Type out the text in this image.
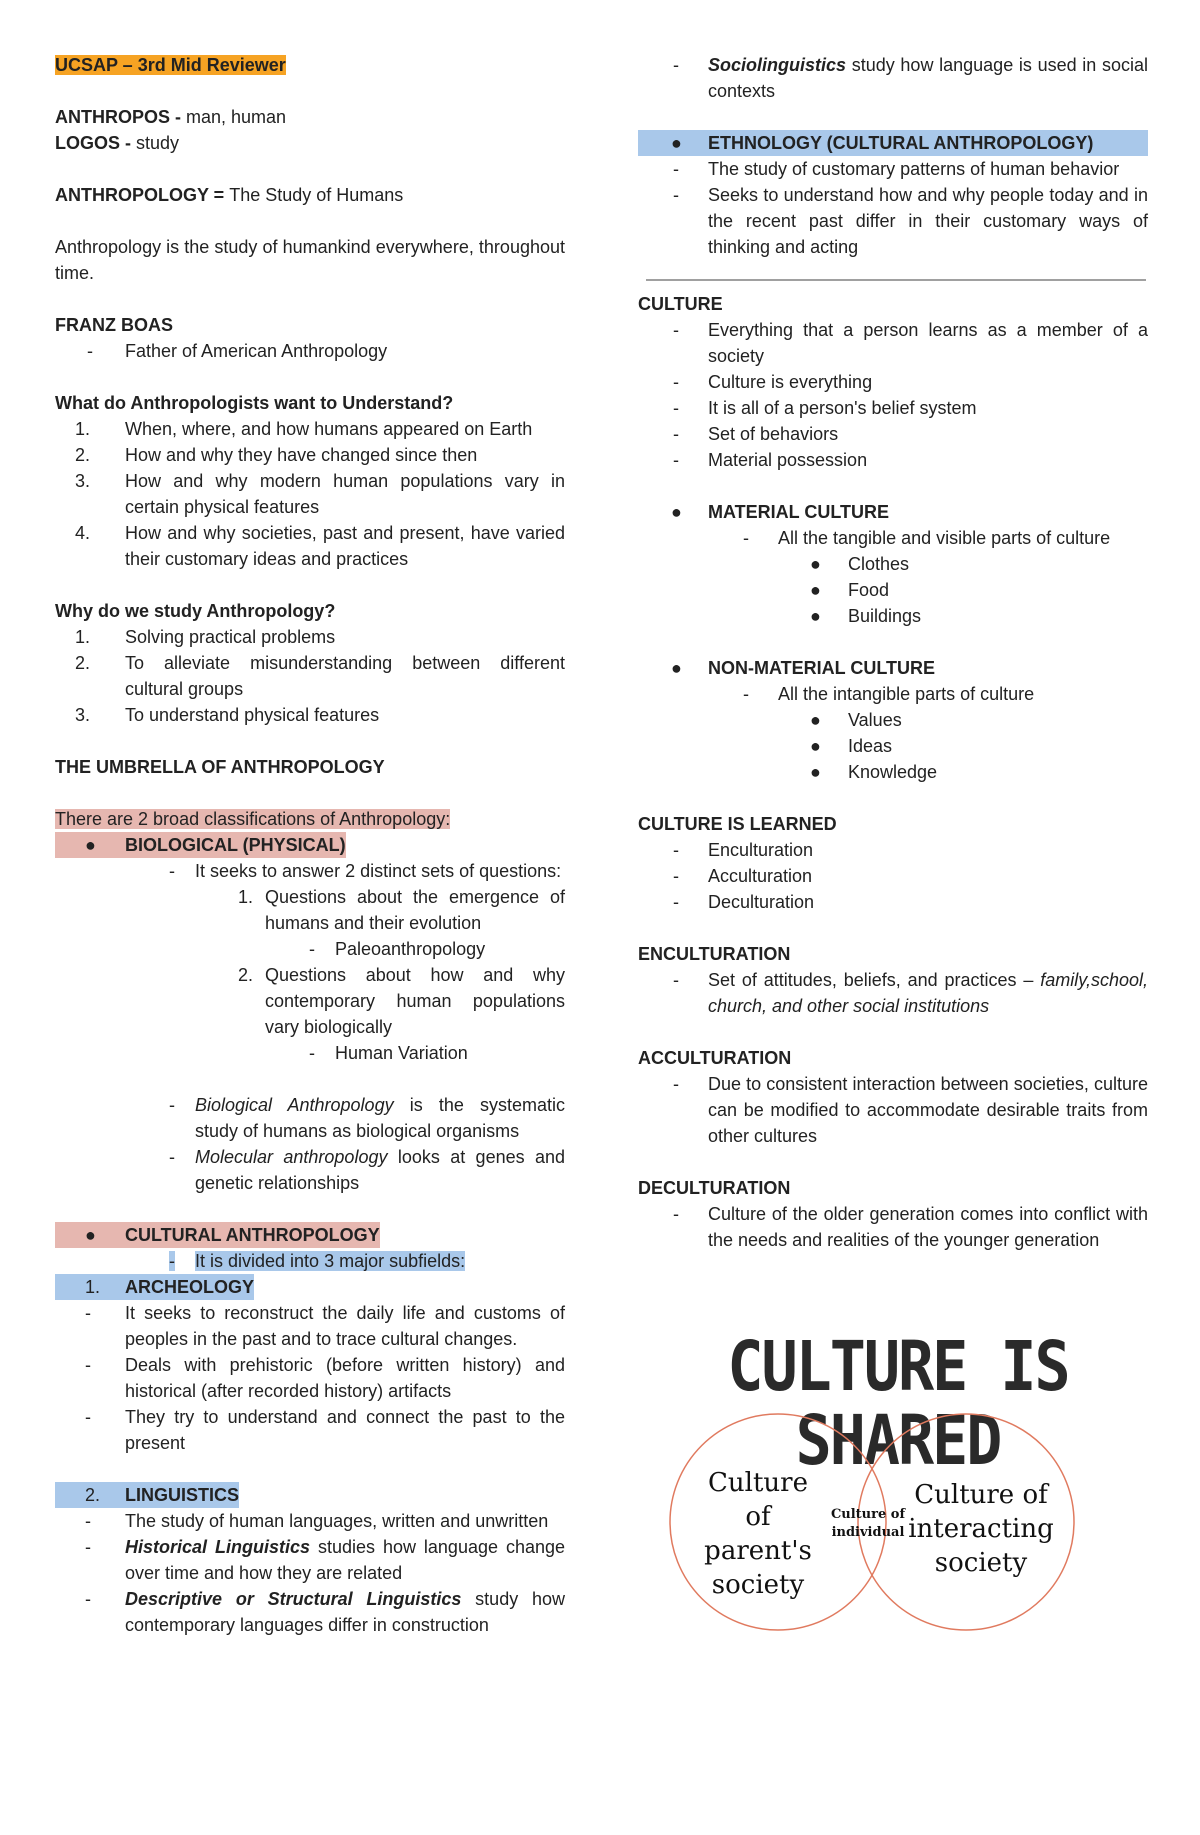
UCSAP – 3rd Mid Reviewer
ANTHROPOS - man, human
LOGOS - study
ANTHROPOLOGY = The Study of Humans
Anthropology is the study of humankind everywhere, throughout time.
FRANZ BOAS
-	Father of American Anthropology
What do Anthropologists want to Understand?
1.	When, where, and how humans appeared on Earth
2.	How and why they have changed since then
3.	How and why modern human populations vary in certain physical features
4.	How and why societies, past and present, have varied their customary ideas and practices
Why do we study Anthropology?
1.	Solving practical problems
2.	To alleviate misunderstanding between different cultural groups
3.	To understand physical features
THE UMBRELLA OF ANTHROPOLOGY
There are 2 broad classifications of Anthropology:
●	BIOLOGICAL (PHYSICAL)
-	It seeks to answer 2 distinct sets of questions:
1. Questions about the emergence of humans and their evolution
-	Paleoanthropology
2. Questions about how and why contemporary human populations vary biologically
-	Human Variation
-	Biological Anthropology is the systematic study of humans as biological organisms
-	Molecular anthropology looks at genes and genetic relationships
●	CULTURAL ANTHROPOLOGY
-	It is divided into 3 major subfields:
1.	ARCHEOLOGY
-	It seeks to reconstruct the daily life and customs of peoples in the past and to trace cultural changes.
-	Deals with prehistoric (before written history) and historical (after recorded history) artifacts
-	They try to understand and connect the past to the present
2.	LINGUISTICS
-	The study of human languages, written and unwritten
-	Historical Linguistics studies how language change over time and how they are related
-	Descriptive or Structural Linguistics study how contemporary languages differ in construction
-	Sociolinguistics study how language is used in social contexts
●	ETHNOLOGY (CULTURAL ANTHROPOLOGY)
-	The study of customary patterns of human behavior
-	Seeks to understand how and why people today and in the recent past differ in their customary ways of thinking and acting
CULTURE
-	Everything that a person learns as a member of a society
-	Culture is everything
-	It is all of a person's belief system
-	Set of behaviors
-	Material possession
●	MATERIAL CULTURE
-	All the tangible and visible parts of culture
●	Clothes
●	Food
●	Buildings
●	NON-MATERIAL CULTURE
-	All the intangible parts of culture
●	Values
●	Ideas
●	Knowledge
CULTURE IS LEARNED
-	Enculturation
-	Acculturation
-	Deculturation
ENCULTURATION
-	Set of attitudes, beliefs, and practices – family,school, church, and other social institutions
ACCULTURATION
-	Due to consistent interaction between societies, culture can be modified to accommodate desirable traits from other cultures
DECULTURATION
-	Culture of the older generation comes into conflict with the needs and realities of the younger generation
CULTURE IS SHARED
Culture
of
parent's
society
Culture of
individual
Culture of
interacting
society
